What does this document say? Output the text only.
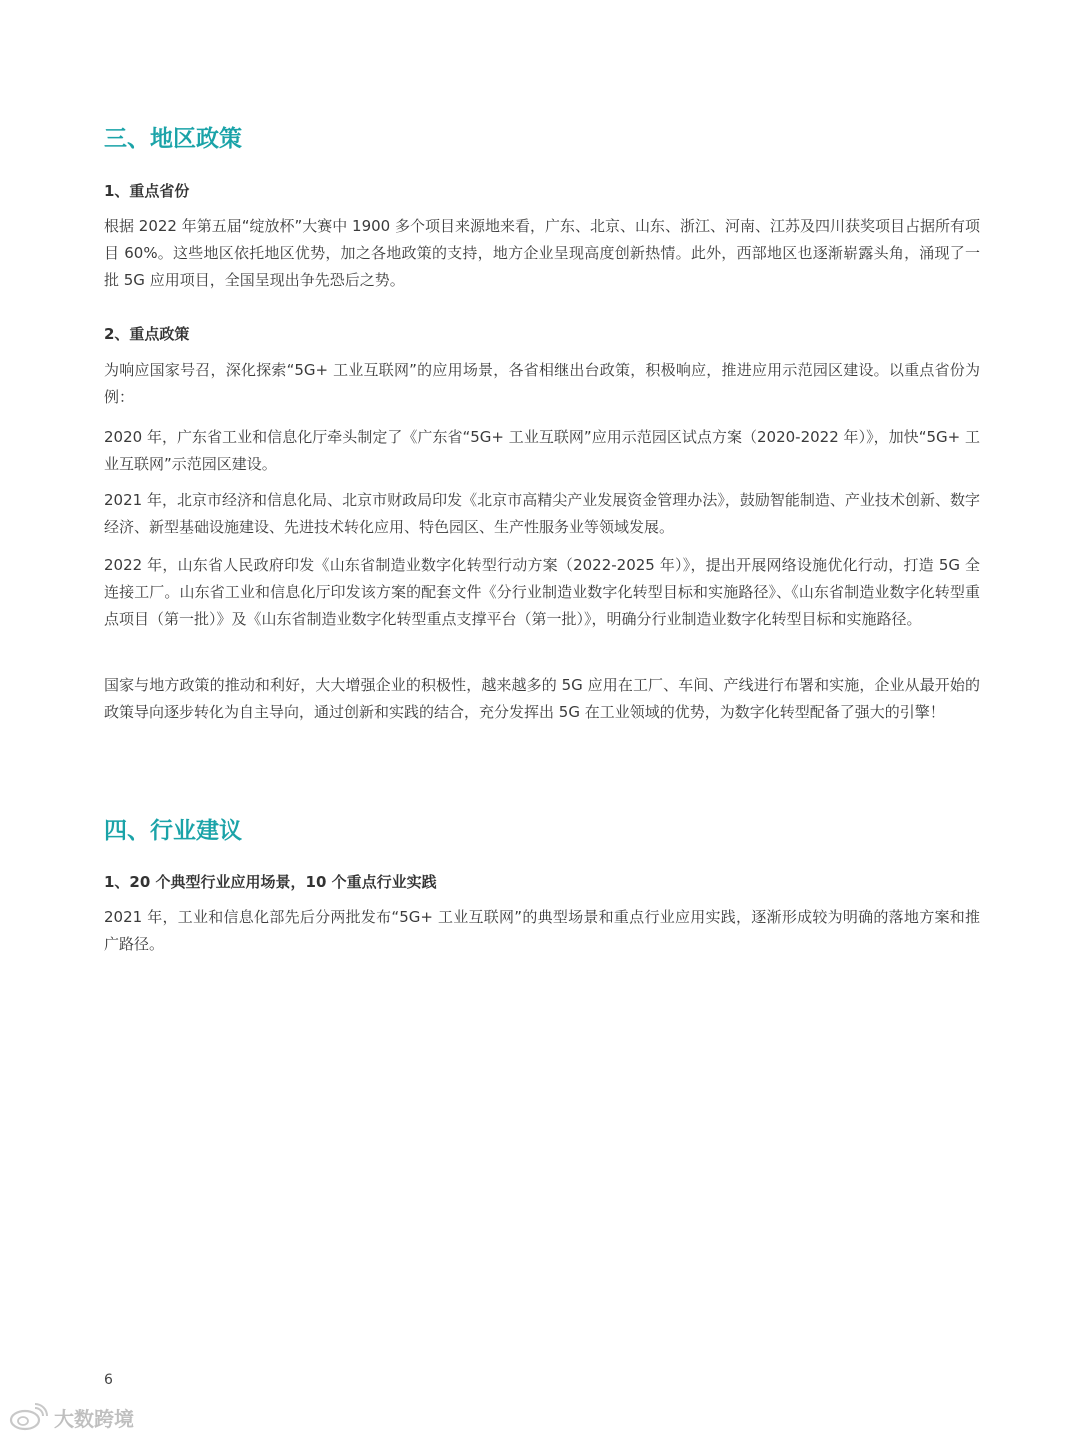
三、地区政策
1、重点省份

根据 2022 年第五届“绽放杯”大赛中 1900 多个项目来源地来看，广东、北京、山东、浙江、河南、江苏及四川获奖项目占据所有项目 60%。这些地区依托地区优势，加之各地政策的支持，地方企业呈现高度创新热情。此外，西部地区也逐渐崭露头角，涌现了一批 5G 应用项目，全国呈现出争先恐后之势。

2、重点政策

为响应国家号召，深化探索“5G+ 工业互联网”的应用场景，各省相继出台政策，积极响应，推进应用示范园区建设。以重点省份为例：

2020 年，广东省工业和信息化厅牵头制定了《广东省“5G+ 工业互联网”应用示范园区试点方案（2020-2022 年）》，加快“5G+ 工业互联网”示范园区建设。

2021 年，北京市经济和信息化局、北京市财政局印发《北京市高精尖产业发展资金管理办法》，鼓励智能制造、产业技术创新、数字经济、新型基础设施建设、先进技术转化应用、特色园区、生产性服务业等领域发展。

2022 年，山东省人民政府印发《山东省制造业数字化转型行动方案（2022-2025 年）》，提出开展网络设施优化行动，打造 5G 全连接工厂。山东省工业和信息化厅印发该方案的配套文件《分行业制造业数字化转型目标和实施路径》、《山东省制造业数字化转型重点项目（第一批）》及《山东省制造业数字化转型重点支撑平台（第一批）》，明确分行业制造业数字化转型目标和实施路径。

国家与地方政策的推动和利好，大大增强企业的积极性，越来越多的 5G 应用在工厂、车间、产线进行布署和实施，企业从最开始的政策导向逐步转化为自主导向，通过创新和实践的结合，充分发挥出 5G 在工业领域的优势，为数字化转型配备了强大的引擎！

四、行业建议
1、20 个典型行业应用场景，10 个重点行业实践

2021 年，工业和信息化部先后分两批发布“5G+ 工业互联网”的典型场景和重点行业应用实践，逐渐形成较为明确的落地方案和推广路径。

6
大数跨境
